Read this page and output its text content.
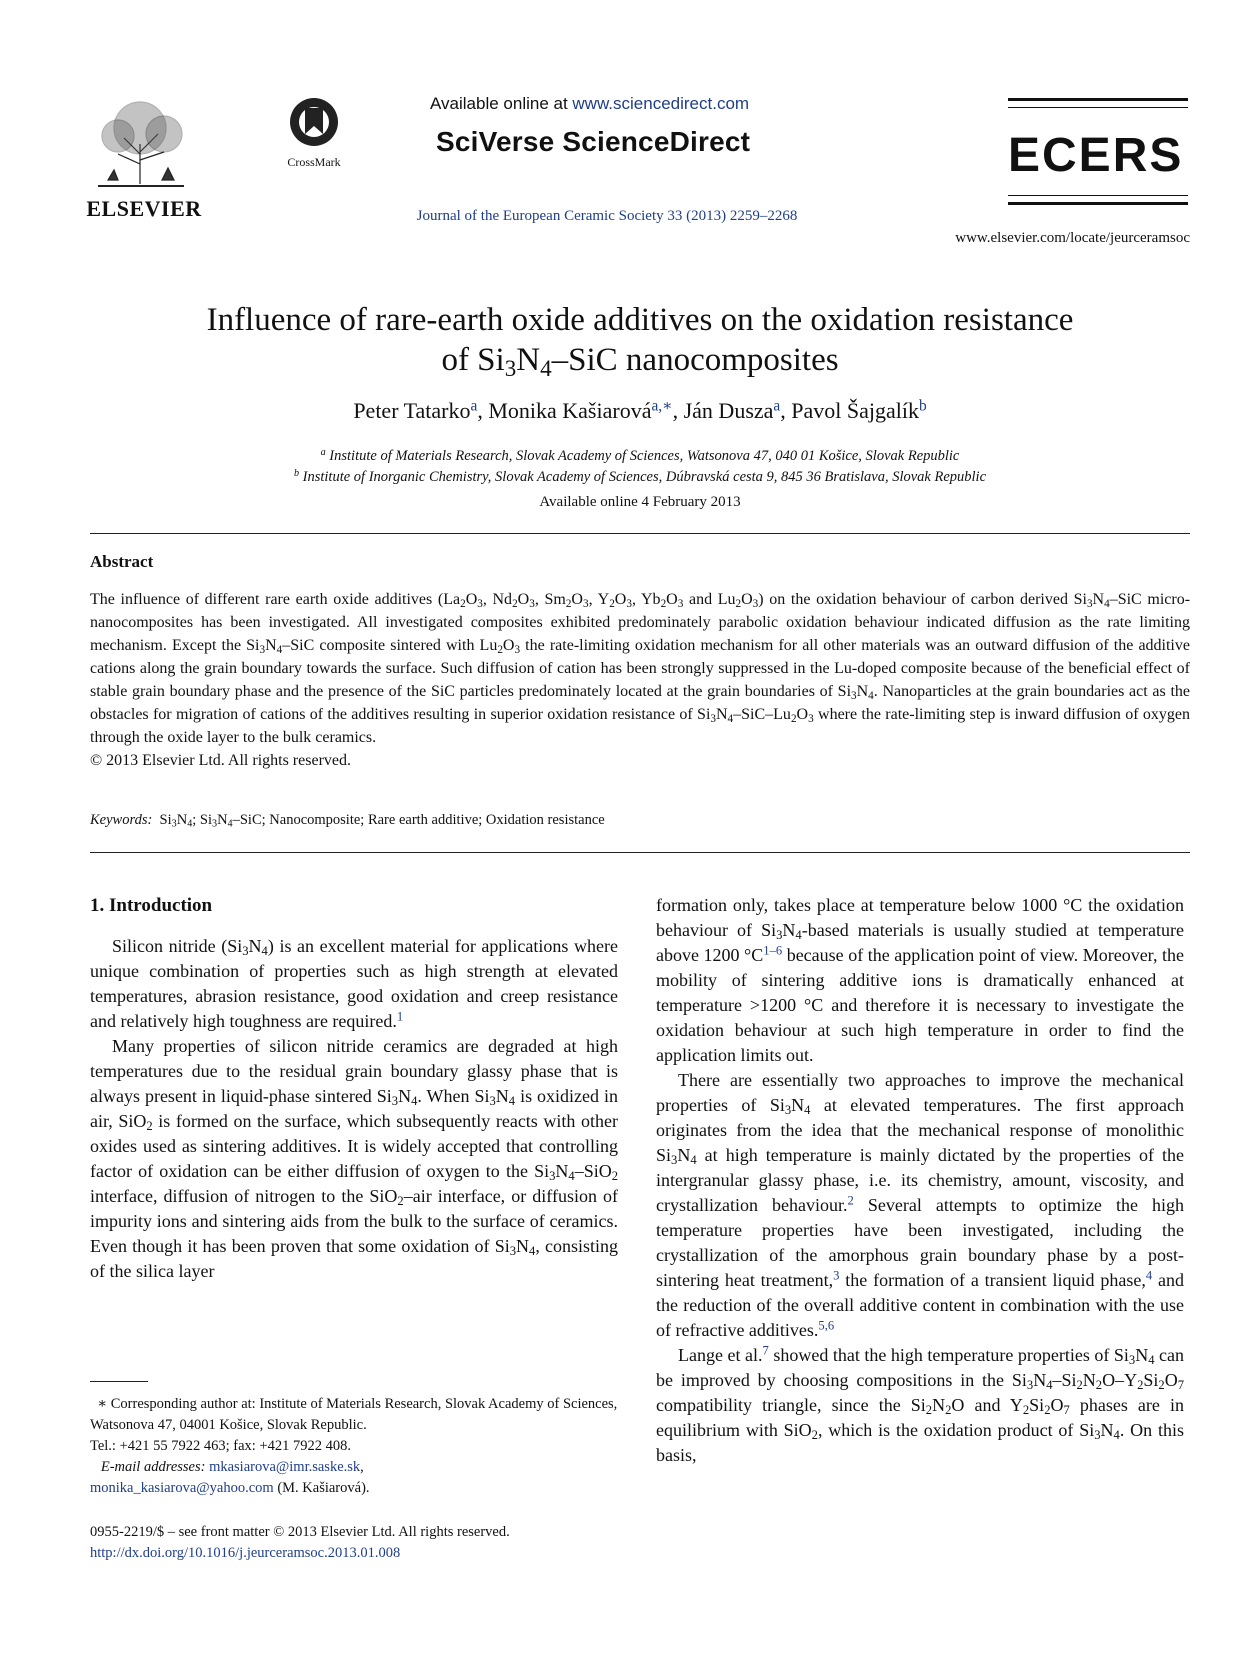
ELSEVIER
CrossMark
Available online at www.sciencedirect.com
SciVerse ScienceDirect
Journal of the European Ceramic Society 33 (2013) 2259–2268
ECERS
www.elsevier.com/locate/jeurceramsoc
Influence of rare-earth oxide additives on the oxidation resistance
of $Si_3N_4$–SiC nanocomposites
Peter Tatarko$^a$, Monika Kašiarová$^{a,∗}$, Ján Dusza$^a$, Pavol Šajgalík$^b$
$^a$ Institute of Materials Research, Slovak Academy of Sciences, Watsonova 47, 040 01 Košice, Slovak Republic
$^b$ Institute of Inorganic Chemistry, Slovak Academy of Sciences, Dúbravská cesta 9, 845 36 Bratislava, Slovak Republic
Available online 4 February 2013
Abstract

The influence of different rare earth oxide additives ($La_2O_3$, $Nd_2O_3$, $Sm_2O_3$, $Y_2O_3$, $Yb_2O_3$ and $Lu_2O_3$) on the oxidation behaviour of carbon derived $Si_3N_4$–SiC micro-nanocomposites has been investigated. All investigated composites exhibited predominately parabolic oxidation behaviour indicated diffusion as the rate limiting mechanism. Except the $Si_3N_4$–SiC composite sintered with $Lu_2O_3$ the rate-limiting oxidation mechanism for all other materials was an outward diffusion of the additive cations along the grain boundary towards the surface. Such diffusion of cation has been strongly suppressed in the Lu-doped composite because of the beneficial effect of stable grain boundary phase and the presence of the SiC particles predominately located at the grain boundaries of $Si_3N_4$. Nanoparticles at the grain boundaries act as the obstacles for migration of cations of the additives resulting in superior oxidation resistance of $Si_3N_4-SiC-Lu_2O_3$ where the rate-limiting step is inward diffusion of oxygen through the oxide layer to the bulk ceramics.

© 2013 Elsevier Ltd. All rights reserved.

Keywords:  $Si_3N_4$; $Si_3N_4$–SiC; Nanocomposite; Rare earth additive; Oxidation resistance
1. Introduction

Silicon nitride $(Si_3N_4)$ is an excellent material for applications where unique combination of properties such as high strength at elevated temperatures, abrasion resistance, good oxidation and creep resistance and relatively high toughness are required.$^1$

Many properties of silicon nitride ceramics are degraded at high temperatures due to the residual grain boundary glassy phase that is always present in liquid-phase sintered $Si_3N_4$. When $Si_3N_4$ is oxidized in air, SiO$_2$ is formed on the surface, which subsequently reacts with other oxides used as sintering additives. It is widely accepted that controlling factor of oxidation can be either diffusion of oxygen to the $Si_3N_4-SiO_2$ interface, diffusion of nitrogen to the SiO$_2$–air interface, or diffusion of impurity ions and sintering aids from the bulk to the surface of ceramics. Even though it has been proven that some oxidation of $Si_3N_4$, consisting of the silica layer

∗ Corresponding author at: Institute of Materials Research, Slovak Academy of Sciences, Watsonova 47, 04001 Košice, Slovak Republic.
Tel.: +421 55 7922 463; fax: +421 7922 408.
E-mail addresses: mkasiarova@imr.saske.sk,
monika_kasiarova@yahoo.com (M. Kašiarová).
0955-2219/$ – see front matter © 2013 Elsevier Ltd. All rights reserved.
http://dx.doi.org/10.1016/j.jeurceramsoc.2013.01.008

formation only, takes place at temperature below 1000 °C the oxidation behaviour of $Si_3N_4$-based materials is usually studied at temperature above 1200 $^\circ C^{1-6}$ because of the application point of view. Moreover, the mobility of sintering additive ions is dramatically enhanced at temperature >1200 °C and therefore it is necessary to investigate the oxidation behaviour at such high temperature in order to find the application limits out.

There are essentially two approaches to improve the mechanical properties of $Si_3N_4$ at elevated temperatures. The first approach originates from the idea that the mechanical response of monolithic $Si_3N_4$ at high temperature is mainly dictated by the properties of the intergranular glassy phase, i.e. its chemistry, amount, viscosity, and crystallization behaviour.$^2$ Several attempts to optimize the high temperature properties have been investigated, including the crystallization of the amorphous grain boundary phase by a post-sintering heat treatment,$^3$ the formation of a transient liquid phase,$^4$ and the reduction of the overall additive content in combination with the use of refractive additives.$^{5,6}$

Lange et al.$^7$ showed that the high temperature properties of $Si_3N_4$ can be improved by choosing compositions in the $Si_3N_4-Si_2N_2O-Y_2Si_2O_7$ compatibility triangle, since the $Si_2N_2O$ and $Y_2Si_2O_7$ phases are in equilibrium with SiO$_2$, which is the oxidation product of $Si_3N_4$. On this basis,
